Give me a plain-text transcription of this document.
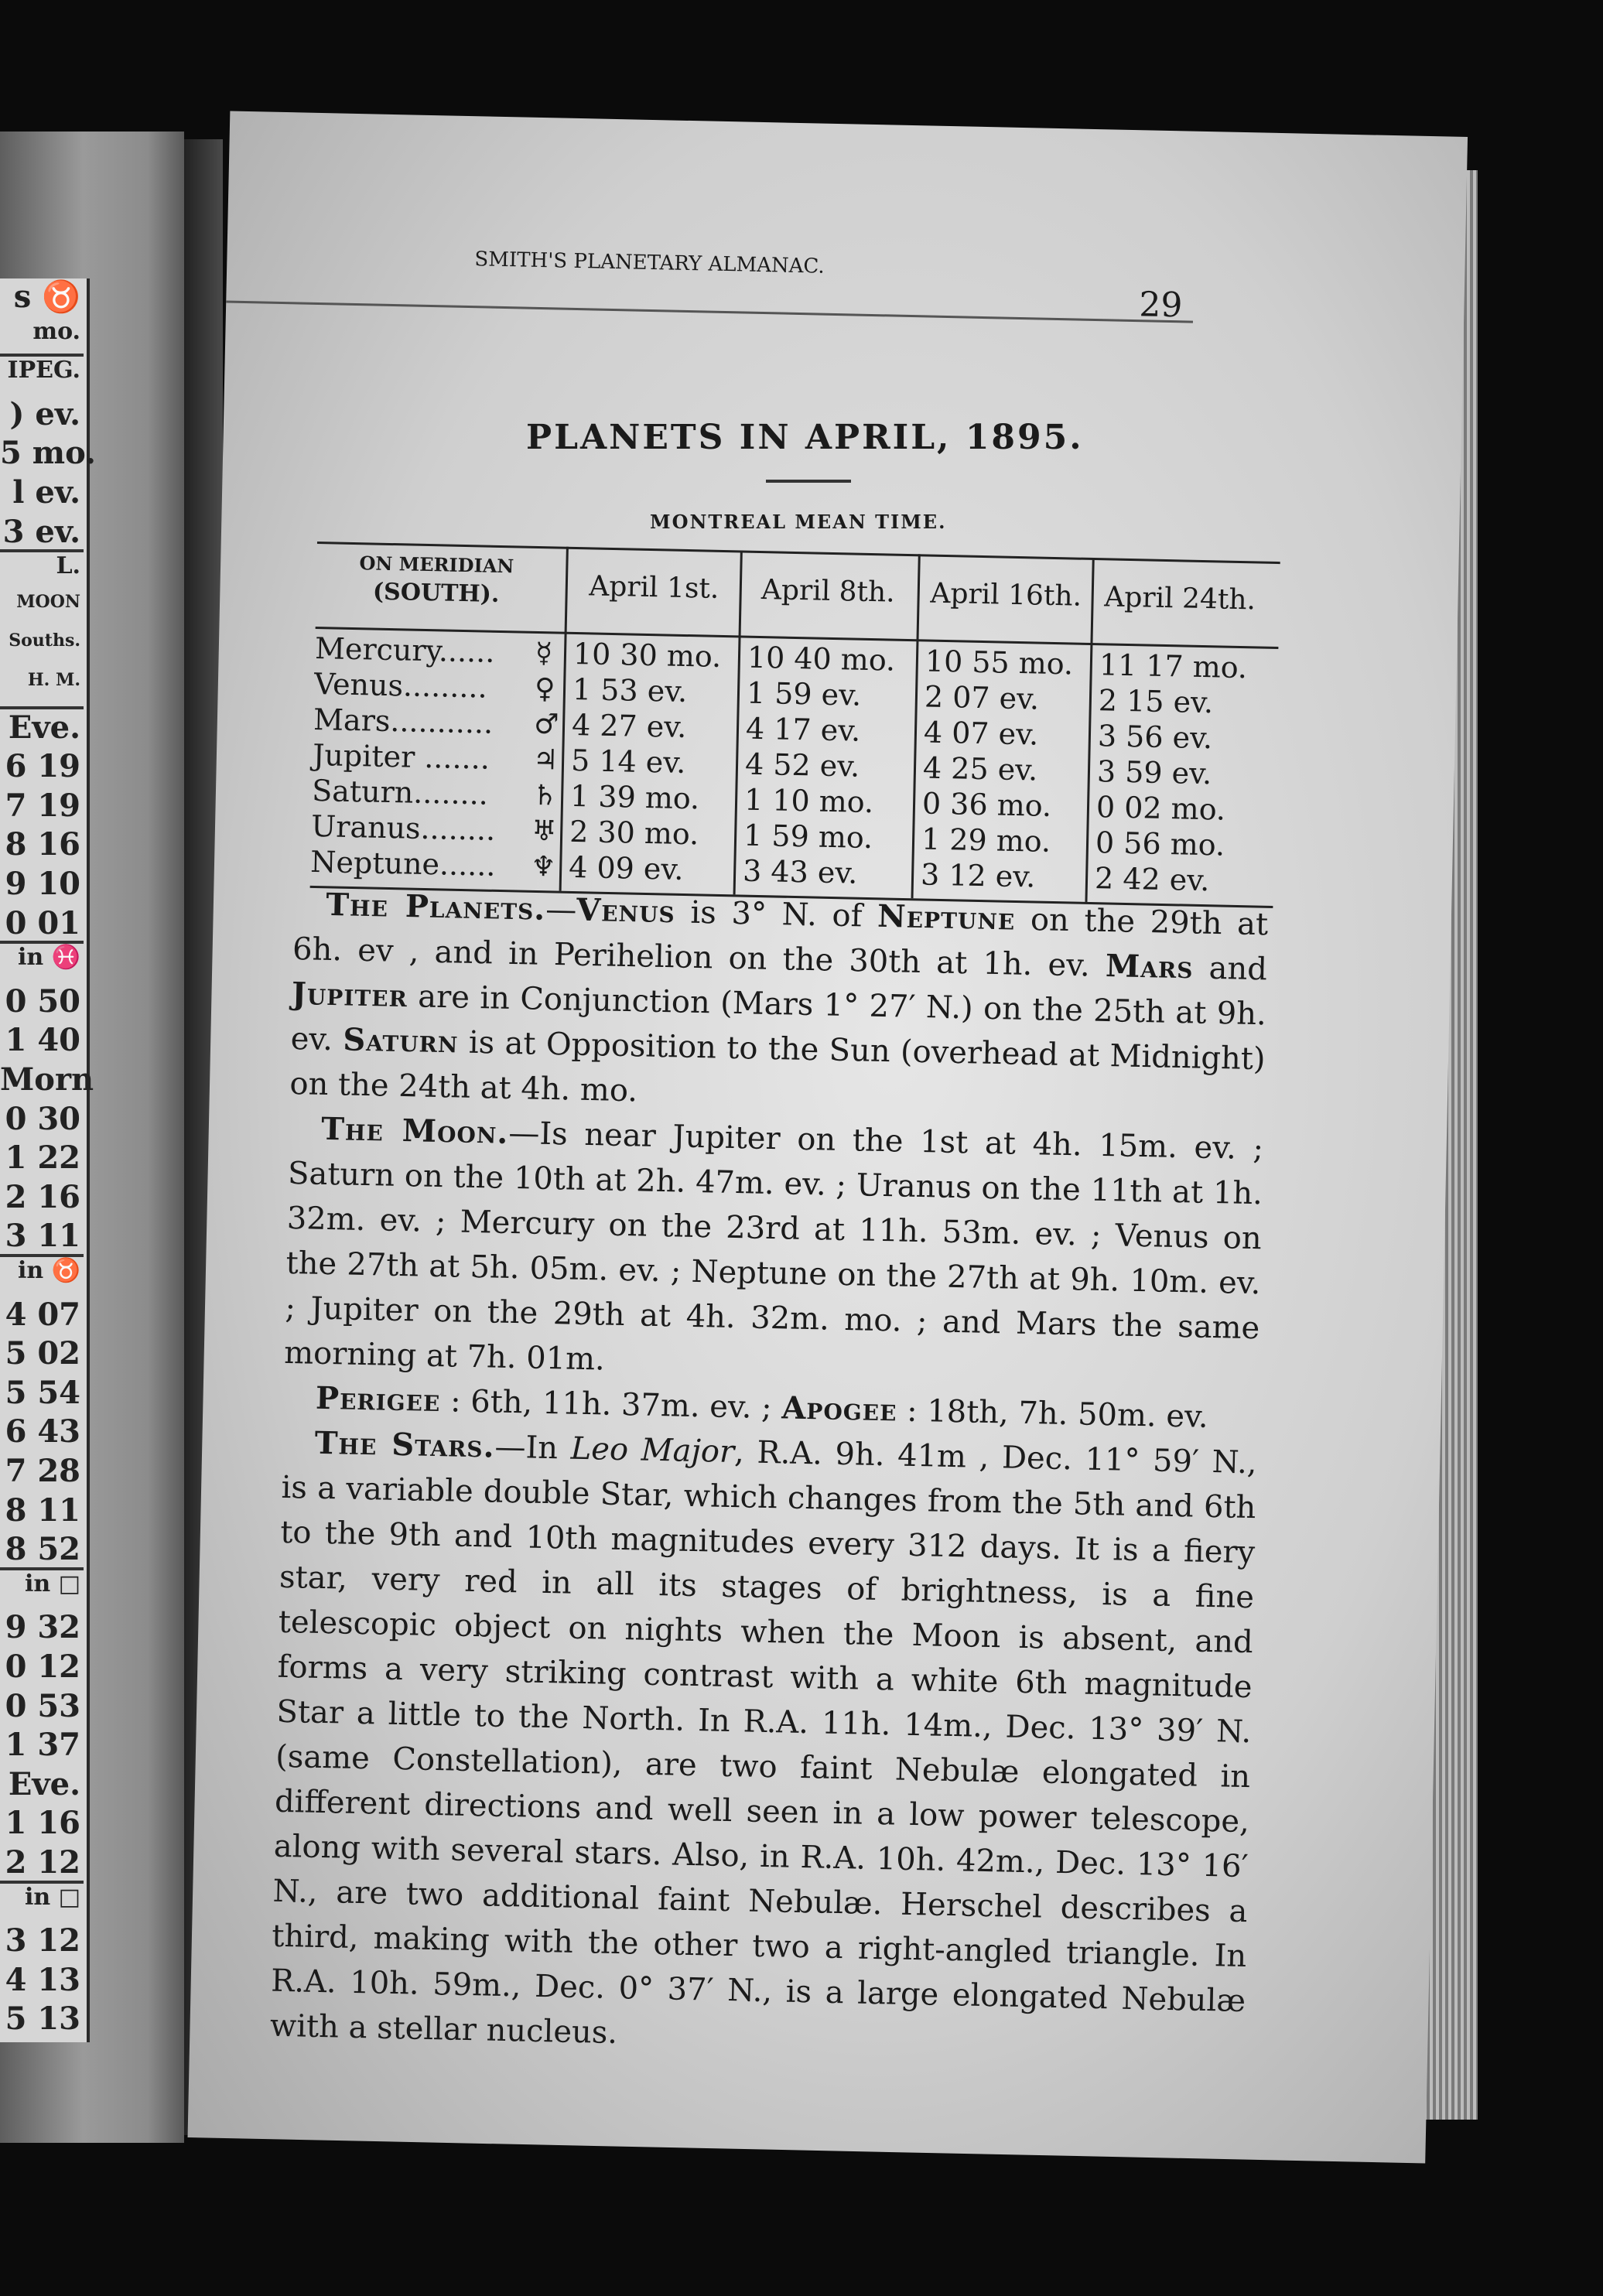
s ♉
mo.
IPEG.
) ev.
5 mo.
l ev.
3 ev.
L.
MOON
Souths.
H. M.
Eve.
6 19
7 19
8 16
9 10
0 01
in ♓
0 50
1 40
Morn
0 30
1 22
2 16
3 11
in ♉
4 07
5 02
5 54
6 43
7 28
8 11
8 52
in □
9 32
0 12
0 53
1 37
Eve.
1 16
2 12
in □
3 12
4 13
5 13
SMITH'S PLANETARY ALMANAC.
29
PLANETS IN APRIL, 1895.
MONTREAL MEAN TIME.
ON MERIDIAN
(SOUTH).	April 1st.	April 8th.	April 16th. April 24th.
Mercury...... ☿ 10 30 mo. 10 40 mo. 10 55 mo. 11 17 mo.
Venus......... ♀ 1 53 ev. 1 59 ev. 2 07 ev. 2 15 ev.
Mars........... ♂ 4 27 ev. 4 17 ev. 4 07 ev. 3 56 ev.
Jupiter ....... ♃ 5 14 ev. 4 52 ev. 4 25 ev. 3 59 ev.
Saturn........ ♄ 1 39 mo. 1 10 mo. 0 36 mo. 0 02 mo.
Uranus........ ♅ 2 30 mo. 1 59 mo. 1 29 mo. 0 56 mo.
Neptune...... ♆ 4 09 ev. 3 43 ev. 3 12 ev. 2 42 ev.

The Planets.—Venus is 3° N. of Neptune on the 29th at 6h. ev , and in Perihelion on the 30th at 1h. ev. Mars and Jupiter are in Conjunction (Mars 1° 27′ N.) on the 25th at 9h. ev. Saturn is at Opposition to the Sun (overhead at Midnight) on the 24th at 4h. mo.

The Moon.—Is near Jupiter on the 1st at 4h. 15m. ev. ; Saturn on the 10th at 2h. 47m. ev. ; Uranus on the 11th at 1h. 32m. ev. ; Mercury on the 23rd at 11h. 53m. ev. ; Venus on the 27th at 5h. 05m. ev. ; Neptune on the 27th at 9h. 10m. ev. ; Jupiter on the 29th at 4h. 32m. mo. ; and Mars the same morning at 7h. 01m.

Perigee : 6th, 11h. 37m. ev. ; Apogee : 18th, 7h. 50m. ev.

The Stars.—In Leo Major, R.A. 9h. 41m , Dec. 11° 59′ N., is a variable double Star, which changes from the 5th and 6th to the 9th and 10th magnitudes every 312 days. It is a fiery star, very red in all its stages of brightness, is a fine telescopic object on nights when the Moon is absent, and forms a very striking contrast with a white 6th magnitude Star a little to the North. In R.A. 11h. 14m., Dec. 13° 39′ N. (same Constellation), are two faint Nebulæ elongated in different directions and well seen in a low power telescope, along with several stars. Also, in R.A. 10h. 42m., Dec. 13° 16′ N., are two additional faint Nebulæ. Herschel describes a third, making with the other two a right-angled triangle. In R.A. 10h. 59m., Dec. 0° 37′ N., is a large elongated Nebulæ with a stellar nucleus.
